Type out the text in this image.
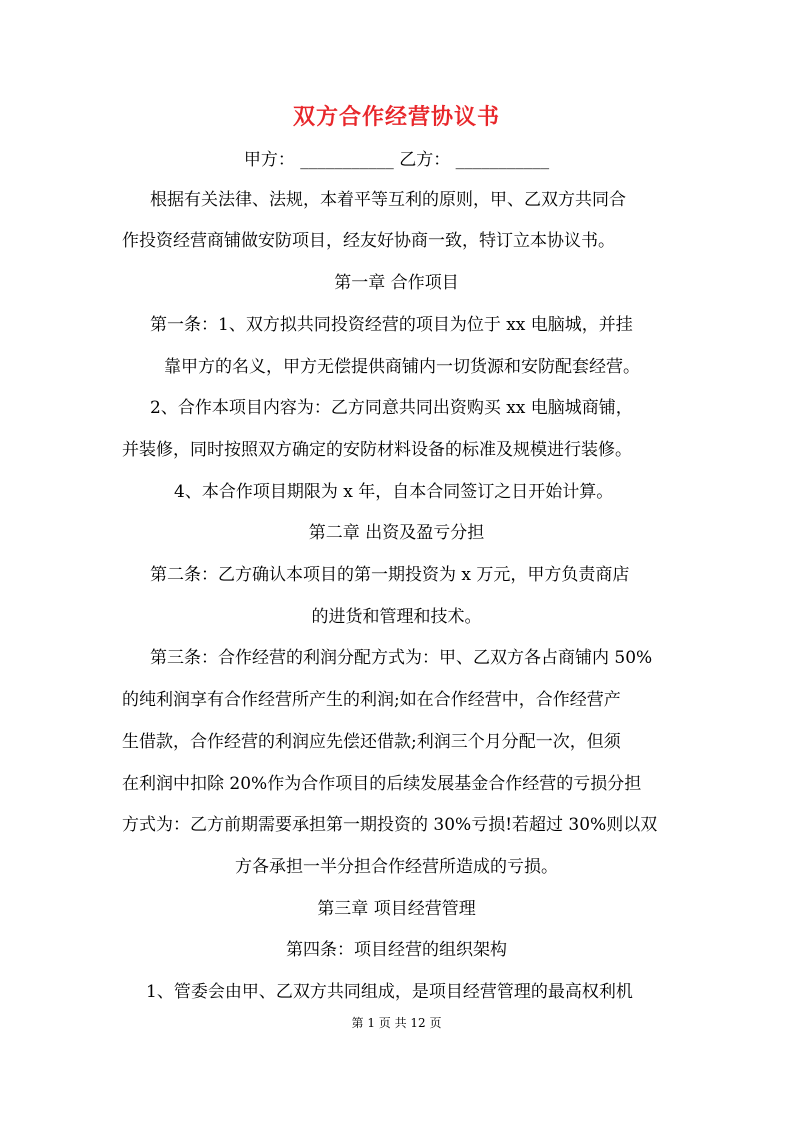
双方合作经营协议书
甲方： ___________ 乙方： ___________
根据有关法律、法规，本着平等互利的原则，甲、乙双方共同合
作投资经营商铺做安防项目，经友好协商一致，特订立本协议书。
第一章 合作项目
第一条：1、双方拟共同投资经营的项目为位于 xx 电脑城，并挂
靠甲方的名义，甲方无偿提供商铺内一切货源和安防配套经营。
2、合作本项目内容为：乙方同意共同出资购买 xx 电脑城商铺，
并装修，同时按照双方确定的安防材料设备的标准及规模进行装修。
4、本合作项目期限为 x 年，自本合同签订之日开始计算。
第二章 出资及盈亏分担
第二条：乙方确认本项目的第一期投资为 x 万元，甲方负责商店
的进货和管理和技术。
第三条：合作经营的利润分配方式为：甲、乙双方各占商铺内 50%
的纯利润享有合作经营所产生的利润;如在合作经营中，合作经营产
生借款，合作经营的利润应先偿还借款;利润三个月分配一次，但须
在利润中扣除 20%作为合作项目的后续发展基金合作经营的亏损分担
方式为：乙方前期需要承担第一期投资的 30%亏损!若超过 30%则以双
方各承担一半分担合作经营所造成的亏损。
第三章 项目经营管理
第四条：项目经营的组织架构
1、管委会由甲、乙双方共同组成，是项目经营管理的最高权利机
第 1 页 共 12 页
